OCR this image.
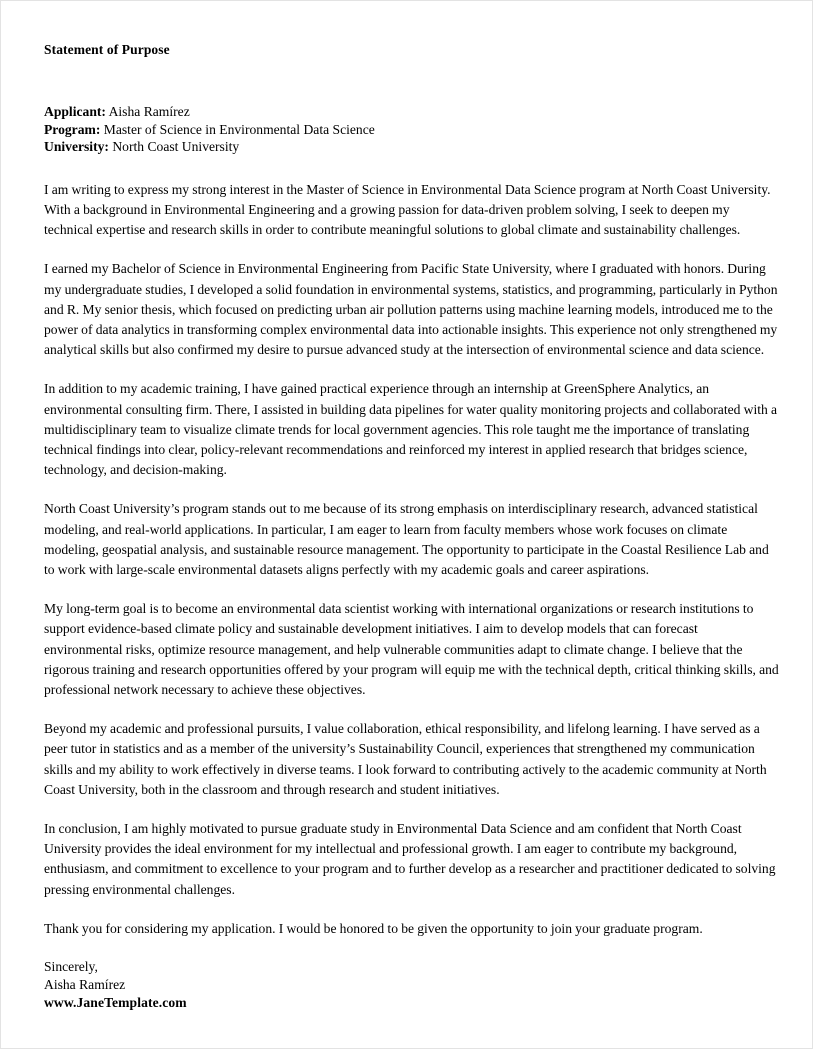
Statement of Purpose
Applicant: Aisha Ramírez
Program: Master of Science in Environmental Data Science
University: North Coast University

I am writing to express my strong interest in the Master of Science in Environmental Data Science program at North Coast University. With a background in Environmental Engineering and a growing passion for data-driven problem solving, I seek to deepen my technical expertise and research skills in order to contribute meaningful solutions to global climate and sustainability challenges.

I earned my Bachelor of Science in Environmental Engineering from Pacific State University, where I graduated with honors. During my undergraduate studies, I developed a solid foundation in environmental systems, statistics, and programming, particularly in Python and R. My senior thesis, which focused on predicting urban air pollution patterns using machine learning models, introduced me to the power of data analytics in transforming complex environmental data into actionable insights. This experience not only strengthened my analytical skills but also confirmed my desire to pursue advanced study at the intersection of environmental science and data science.

In addition to my academic training, I have gained practical experience through an internship at GreenSphere Analytics, an environmental consulting firm. There, I assisted in building data pipelines for water quality monitoring projects and collaborated with a multidisciplinary team to visualize climate trends for local government agencies. This role taught me the importance of translating technical findings into clear, policy-relevant recommendations and reinforced my interest in applied research that bridges science, technology, and decision-making.

North Coast University’s program stands out to me because of its strong emphasis on interdisciplinary research, advanced statistical modeling, and real-world applications. In particular, I am eager to learn from faculty members whose work focuses on climate modeling, geospatial analysis, and sustainable resource management. The opportunity to participate in the Coastal Resilience Lab and to work with large-scale environmental datasets aligns perfectly with my academic goals and career aspirations.

My long-term goal is to become an environmental data scientist working with international organizations or research institutions to support evidence-based climate policy and sustainable development initiatives. I aim to develop models that can forecast environmental risks, optimize resource management, and help vulnerable communities adapt to climate change. I believe that the rigorous training and research opportunities offered by your program will equip me with the technical depth, critical thinking skills, and professional network necessary to achieve these objectives.

Beyond my academic and professional pursuits, I value collaboration, ethical responsibility, and lifelong learning. I have served as a peer tutor in statistics and as a member of the university’s Sustainability Council, experiences that strengthened my communication skills and my ability to work effectively in diverse teams. I look forward to contributing actively to the academic community at North Coast University, both in the classroom and through research and student initiatives.

In conclusion, I am highly motivated to pursue graduate study in Environmental Data Science and am confident that North Coast University provides the ideal environment for my intellectual and professional growth. I am eager to contribute my background, enthusiasm, and commitment to excellence to your program and to further develop as a researcher and practitioner dedicated to solving pressing environmental challenges.

Thank you for considering my application. I would be honored to be given the opportunity to join your graduate program.

Sincerely,
Aisha Ramírez
www.JaneTemplate.com
